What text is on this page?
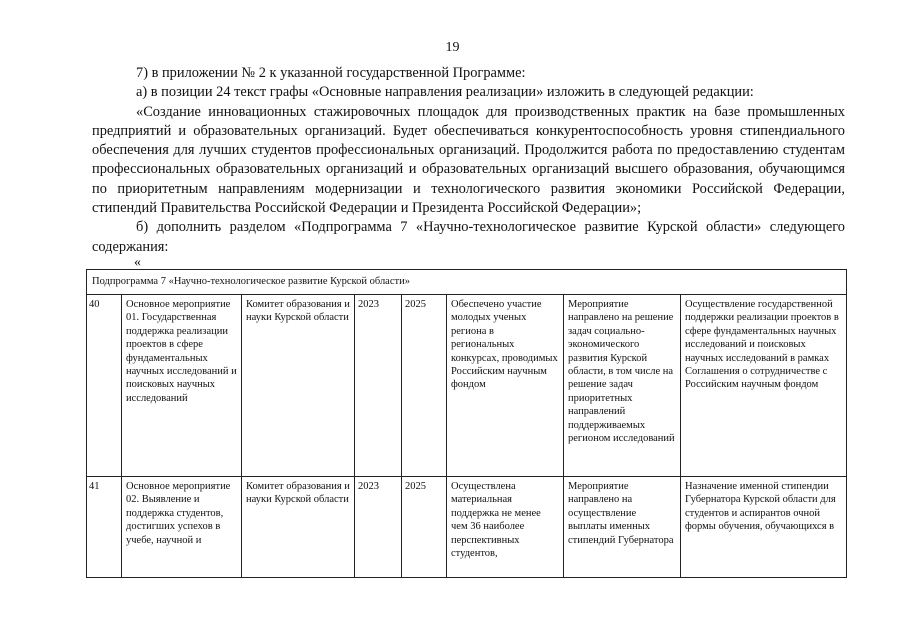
19

7) в приложении № 2 к указанной государственной Программе:

а) в позиции 24 текст графы «Основные направления реализации» изложить в следующей редакции:

«Создание инновационных стажировочных площадок для производственных практик на базе промышленных предприятий и образовательных организаций. Будет обеспечиваться конкурентоспособность уровня стипендиального обеспечения для лучших студентов профессиональных организаций. Продолжится работа по предоставлению студентам профессиональных образовательных организаций и образовательных организаций высшего образования, обучающимся по приоритетным направлениям модернизации и технологического развития экономики Российской Федерации, стипендий Правительства Российской Федерации и Президента Российской Федерации»;

б) дополнить разделом «Подпрограмма 7 «Научно-технологическое развитие Курской области» следующего содержания:

«
Подпрограмма 7 «Научно-технологическое развитие Курской области»							
40	Основное мероприятие 01. Государственная поддержка реализации проектов в сфере фундаментальных научных исследований и поисковых научных исследований	Комитет образования и науки Курской области	2023	2025	Обеспечено участие молодых ученых региона в региональных конкурсах, проводимых Российским научным фондом	Мероприятие направлено на решение задач социально-экономического развития Курской области, в том числе на решение задач приоритетных направлений поддерживаемых регионом исследований	Осуществление государственной поддержки реализации проектов в сфере фундаментальных научных исследований и поисковых научных исследований в рамках Соглашения о сотрудничестве с Российским научным фондом
41	Основное мероприятие 02. Выявление и поддержка студентов, достигших успехов в учебе, научной и	Комитет образования и науки Курской области	2023	2025	Осуществлена материальная поддержка не менее чем 36 наиболее перспективных студентов,	Мероприятие направлено на осуществление выплаты именных стипендий Губернатора	Назначение именной стипендии Губернатора Курской области для студентов и аспирантов очной формы обучения, обучающихся в
